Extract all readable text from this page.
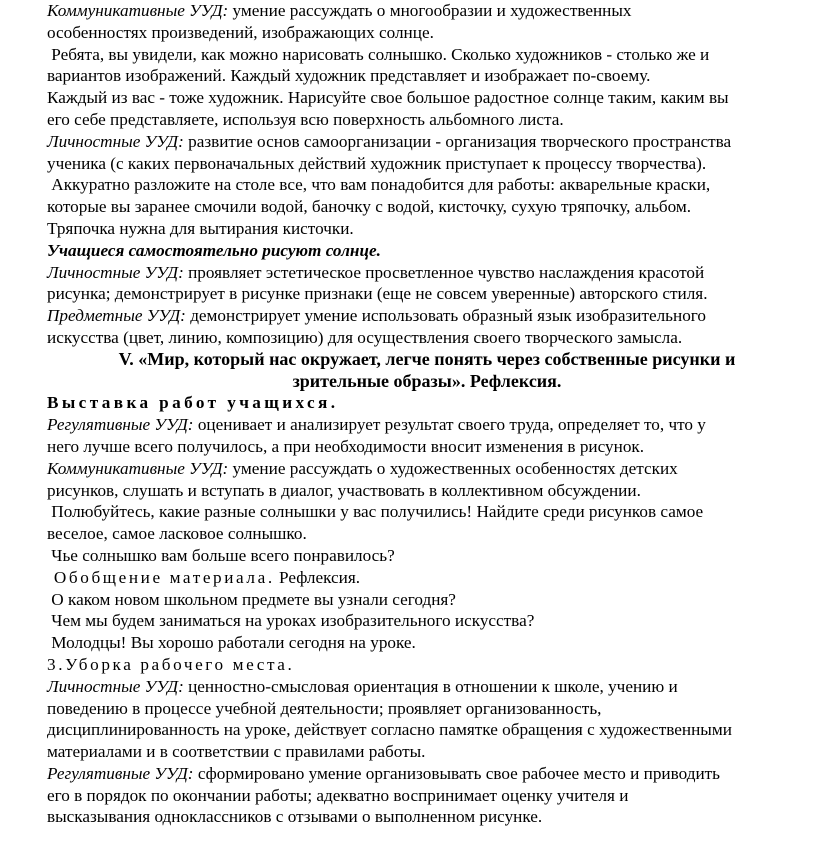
Коммуникативные УУД: умение рассуждать о многообразии и художественных
особенностях произведений, изображающих солнце.
Ребята, вы увидели, как можно нарисовать солнышко. Сколько художников - столько же и
вариантов изображений. Каждый художник представляет и изображает по-своему.
Каждый из вас - тоже художник. Нарисуйте свое большое радостное солнце таким, каким вы
его себе представляете, используя всю поверхность альбомного листа.
Личностные УУД: развитие основ самоорганизации - организация творческого пространства
ученика (с каких первоначальных действий художник приступает к процессу творчества).
Аккуратно разложите на столе все, что вам понадобится для работы: акварельные краски,
которые вы заранее смочили водой, баночку с водой, кисточку, сухую тряпочку, альбом.
Тряпочка нужна для вытирания кисточки.
Учащиеся самостоятельно рисуют солнце.
Личностные УУД: проявляет эстетическое просветленное чувство наслаждения красотой
рисунка; демонстрирует в рисунке признаки (еще не совсем уверенные) авторского стиля.
Предметные УУД: демонстрирует умение использовать образный язык изобразительного
искусства (цвет, линию, композицию) для осуществления своего творческого замысла.
V. «Мир, который нас окружает, легче понять через собственные рисунки и
зрительные образы». Рефлексия.
Выставка работ учащихся.
Регулятивные УУД: оценивает и анализирует результат своего труда, определяет то, что у
него лучше всего получилось, а при необходимости вносит изменения в рисунок.
Коммуникативные УУД: умение рассуждать о художественных особенностях детских
рисунков, слушать и вступать в диалог, участвовать в коллективном обсуждении.
Полюбуйтесь, какие разные солнышки у вас получились! Найдите среди рисунков самое
веселое, самое ласковое солнышко.
Чье солнышко вам больше всего понравилось?
Обобщение материала. Рефлексия.
О каком новом школьном предмете вы узнали сегодня?
Чем мы будем заниматься на уроках изобразительного искусства?
Молодцы! Вы хорошо работали сегодня на уроке.
3.Уборка рабочего места.
Личностные УУД: ценностно-смысловая ориентация в отношении к школе, учению и
поведению в процессе учебной деятельности; проявляет организованность,
дисциплинированность на уроке, действует согласно памятке обращения с художественными
материалами и в соответствии с правилами работы.
Регулятивные УУД: сформировано умение организовывать свое рабочее место и приводить
его в порядок по окончании работы; адекватно воспринимает оценку учителя и
высказывания одноклассников с отзывами о выполненном рисунке.
